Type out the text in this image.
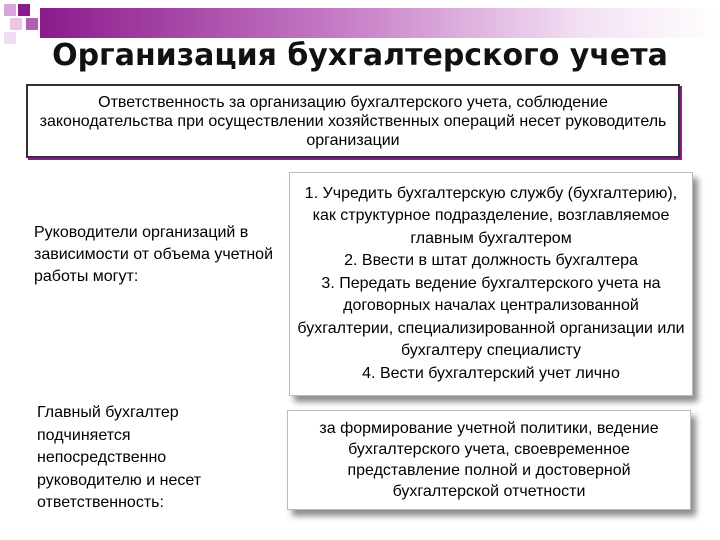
Организация бухгалтерского учета
Ответственность за организацию бухгалтерского учета, соблюдение законодательства при осуществлении хозяйственных операций несет руководитель организации
Руководители организаций в зависимости от объема учетной работы могут:
1. Учредить бухгалтерскую службу (бухгалтерию), как структурное подразделение, возглавляемое главным бухгалтером
2. Ввести в штат должность бухгалтера
3. Передать ведение бухгалтерского учета на договорных началах централизованной бухгалтерии, специализированной организации или бухгалтеру специалисту
4. Вести бухгалтерский учет лично
Главный бухгалтер подчиняется непосредственно руководителю и несет ответственность:
за формирование учетной политики, ведение бухгалтерского учета, своевременное представление полной и достоверной бухгалтерской отчетности
